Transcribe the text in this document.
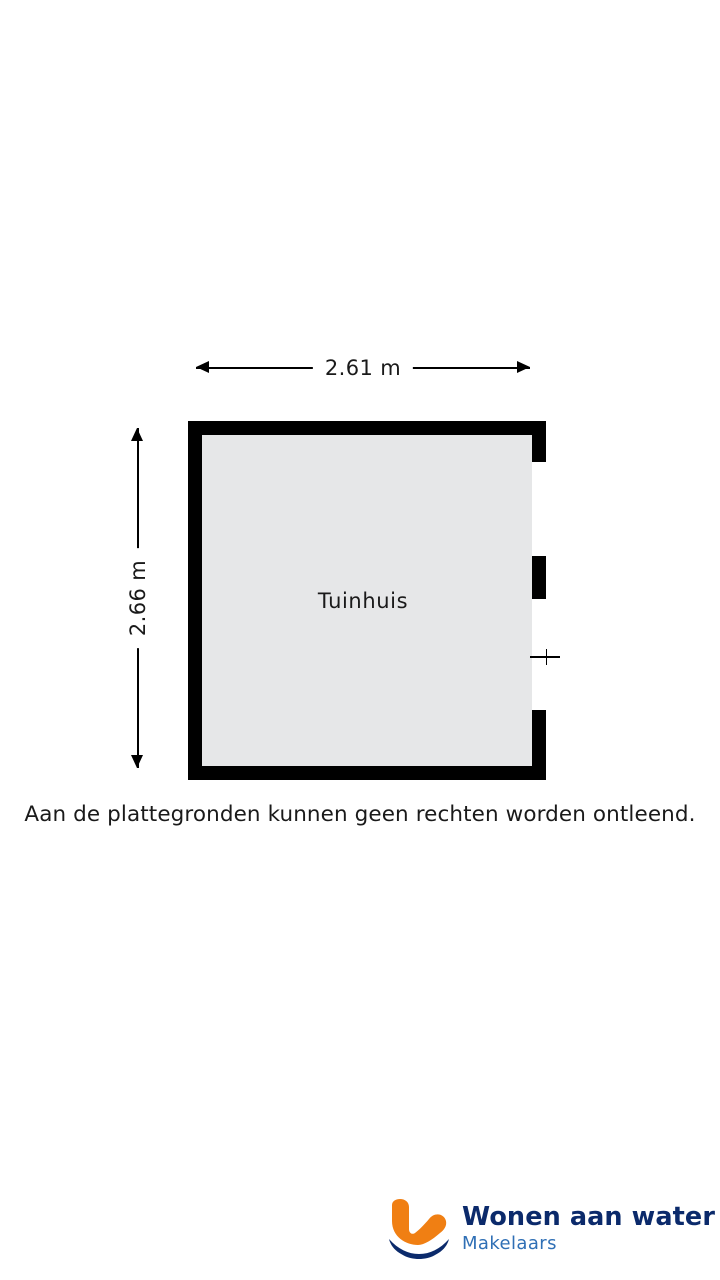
2.61 m
2.66 m	Tuinhuis
Aan de plattegronden kunnen geen rechten worden ontleend.
Wonen aan water
Makelaars
